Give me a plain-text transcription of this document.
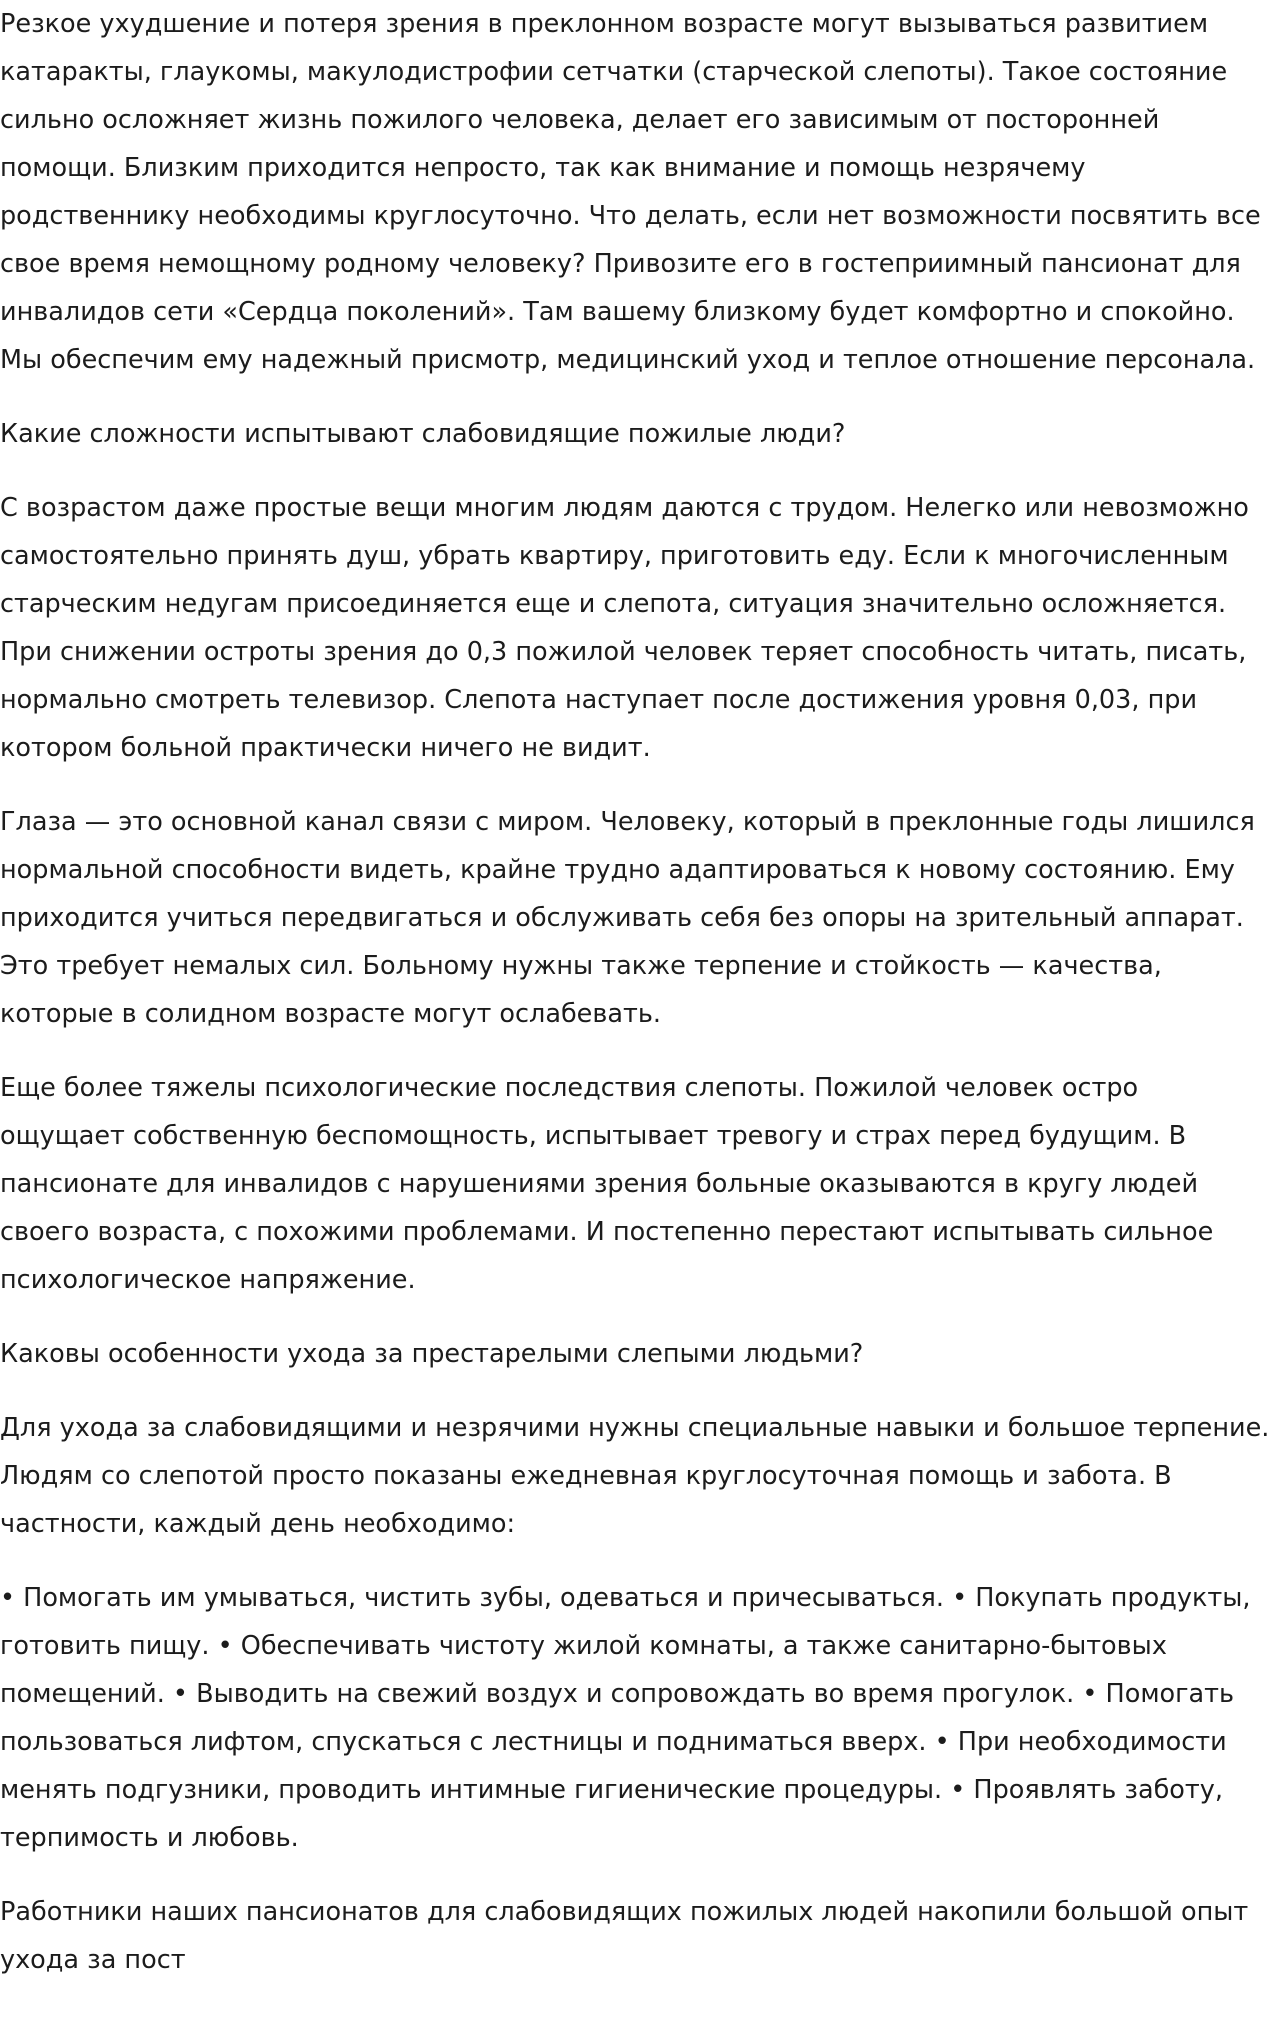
Резкое ухудшение и потеря зрения в преклонном возрасте могут вызываться развитием катаракты, глаукомы, макулодистрофии сетчатки (старческой слепоты). Такое состояние сильно осложняет жизнь пожилого человека, делает его зависимым от посторонней помощи. Близким приходится непросто, так как внимание и помощь незрячему родственнику необходимы круглосуточно. Что делать, если нет возможности посвятить все свое время немощному родному человеку? Привозите его в гостеприимный пансионат для инвалидов сети «Сердца поколений». Там вашему близкому будет комфортно и спокойно. Мы обеспечим ему надежный присмотр, медицинский уход и теплое отношение персонала.

Какие сложности испытывают слабовидящие пожилые люди?

С возрастом даже простые вещи многим людям даются с трудом. Нелегко или невозможно самостоятельно принять душ, убрать квартиру, приготовить еду. Если к многочисленным старческим недугам присоединяется еще и слепота, ситуация значительно осложняется. При снижении остроты зрения до 0,3 пожилой человек теряет способность читать, писать, нормально смотреть телевизор. Слепота наступает после достижения уровня 0,03, при котором больной практически ничего не видит.

Глаза — это основной канал связи с миром. Человеку, который в преклонные годы лишился нормальной способности видеть, крайне трудно адаптироваться к новому состоянию. Ему приходится учиться передвигаться и обслуживать себя без опоры на зрительный аппарат. Это требует немалых сил. Больному нужны также терпение и стойкость — качества, которые в солидном возрасте могут ослабевать.

Еще более тяжелы психологические последствия слепоты. Пожилой человек остро ощущает собственную беспомощность, испытывает тревогу и страх перед будущим. В пансионате для инвалидов с нарушениями зрения больные оказываются в кругу людей своего возраста, с похожими проблемами. И постепенно перестают испытывать сильное психологическое напряжение.

Каковы особенности ухода за престарелыми слепыми людьми?

Для ухода за слабовидящими и незрячими нужны специальные навыки и большое терпение. Людям со слепотой просто показаны ежедневная круглосуточная помощь и забота. В частности, каждый день необходимо:

• Помогать им умываться, чистить зубы, одеваться и причесываться. • Покупать продукты, готовить пищу. • Обеспечивать чистоту жилой комнаты, а также санитарно-бытовых помещений. • Выводить на свежий воздух и сопровождать во время прогулок. • Помогать пользоваться лифтом, спускаться с лестницы и подниматься вверх. • При необходимости менять подгузники, проводить интимные гигиенические процедуры. • Проявлять заботу, терпимость и любовь.

Работники наших пансионатов для слабовидящих пожилых людей накопили большой опыт ухода за пост
